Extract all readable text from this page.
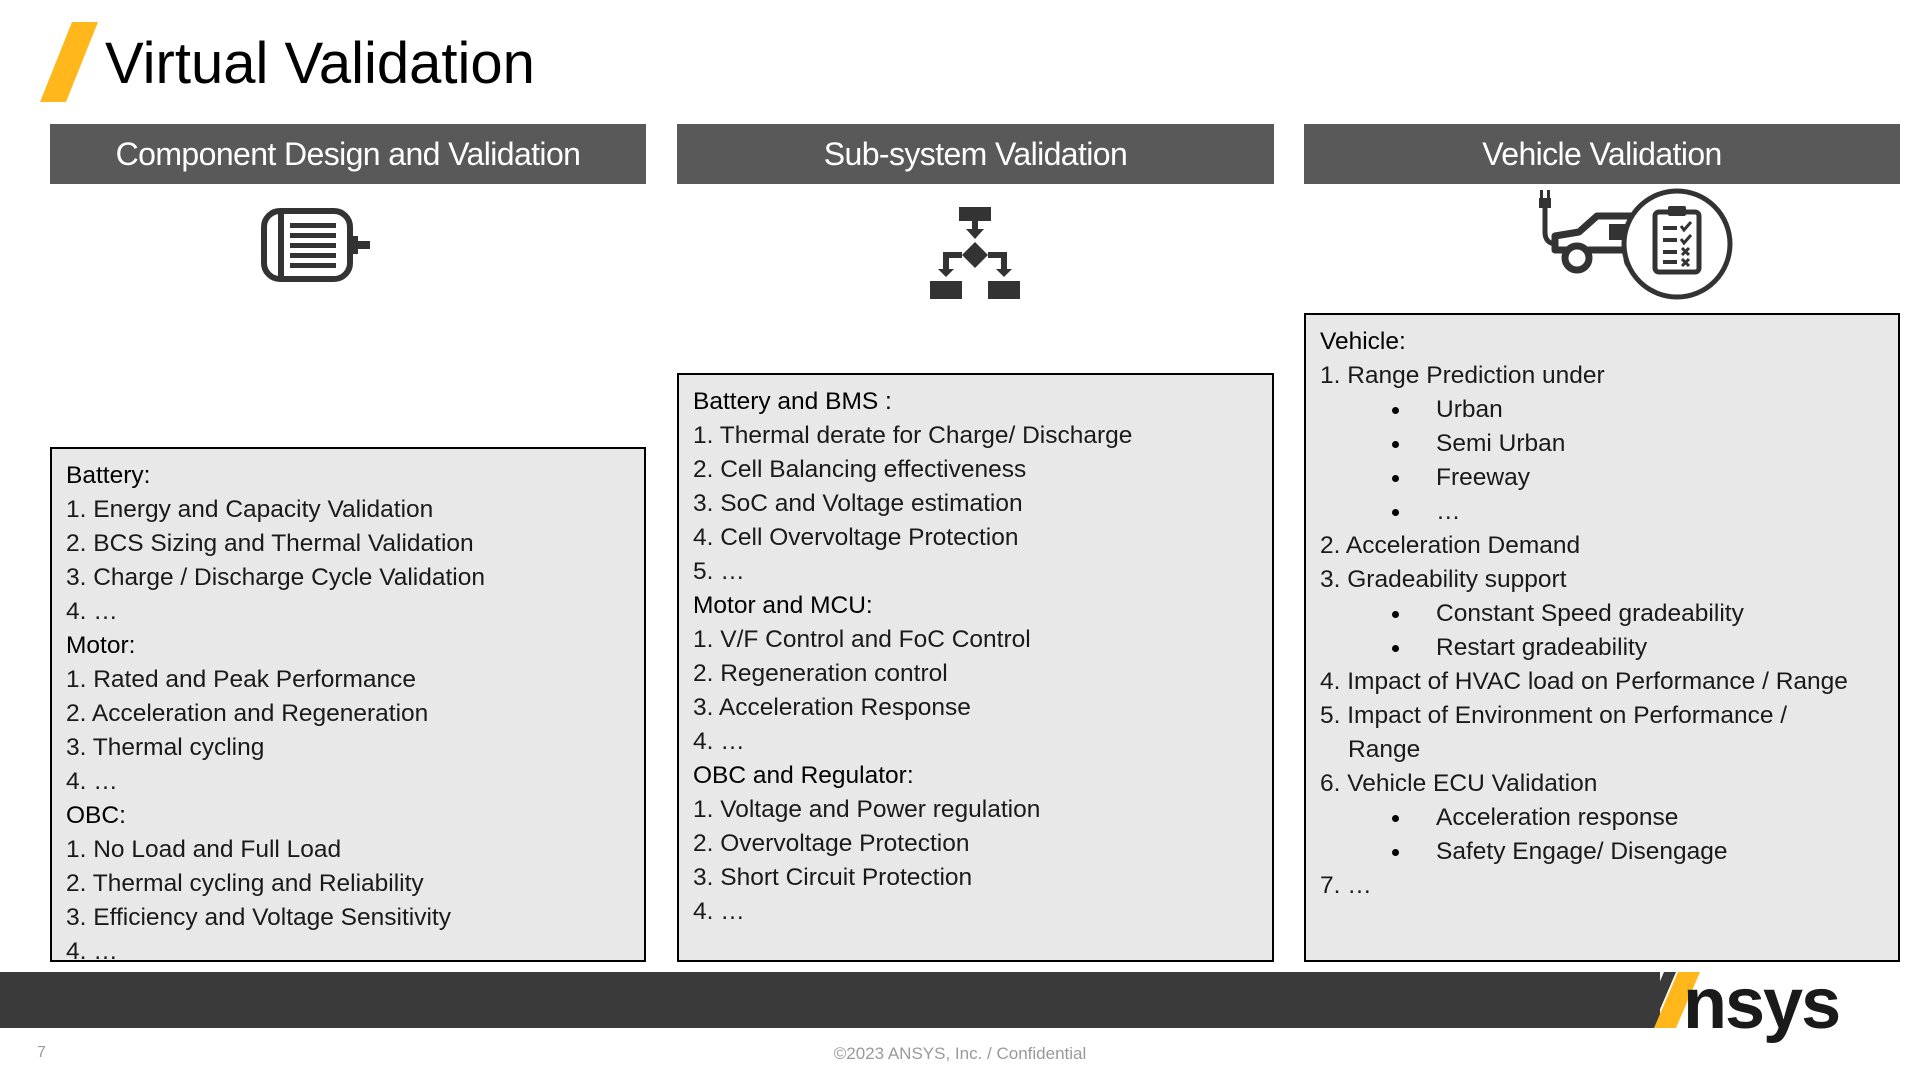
Virtual Validation
Component Design and Validation	Sub-system Validation	Vehicle Validation
Battery:
1. Energy and Capacity Validation
2. BCS Sizing and Thermal Validation
3. Charge / Discharge Cycle Validation
4. …
Motor:
1. Rated and Peak Performance
2. Acceleration and Regeneration
3. Thermal cycling
4. …
OBC:
1. No Load and Full Load
2. Thermal cycling and Reliability
3. Efficiency and Voltage Sensitivity
4. …
Battery and BMS :
1. Thermal derate for Charge/ Discharge
2. Cell Balancing effectiveness
3. SoC and Voltage estimation
4. Cell Overvoltage Protection
5. …
Motor and MCU:
1. V/F Control and FoC Control
2. Regeneration control
3. Acceleration Response
4. …
OBC and Regulator:
1. Voltage and Power regulation
2. Overvoltage Protection
3. Short Circuit Protection
4. …
Vehicle:
1. Range Prediction under
Urban
Semi Urban
Freeway
…
2. Acceleration Demand
3. Gradeability support
Constant Speed gradeability
Restart gradeability
4. Impact of HVAC load on Performance / Range
5. Impact of Environment on Performance /
Range
6. Vehicle ECU Validation
Acceleration response
Safety Engage/ Disengage
7. …
nsys
7	©2023 ANSYS, Inc. / Confidential
